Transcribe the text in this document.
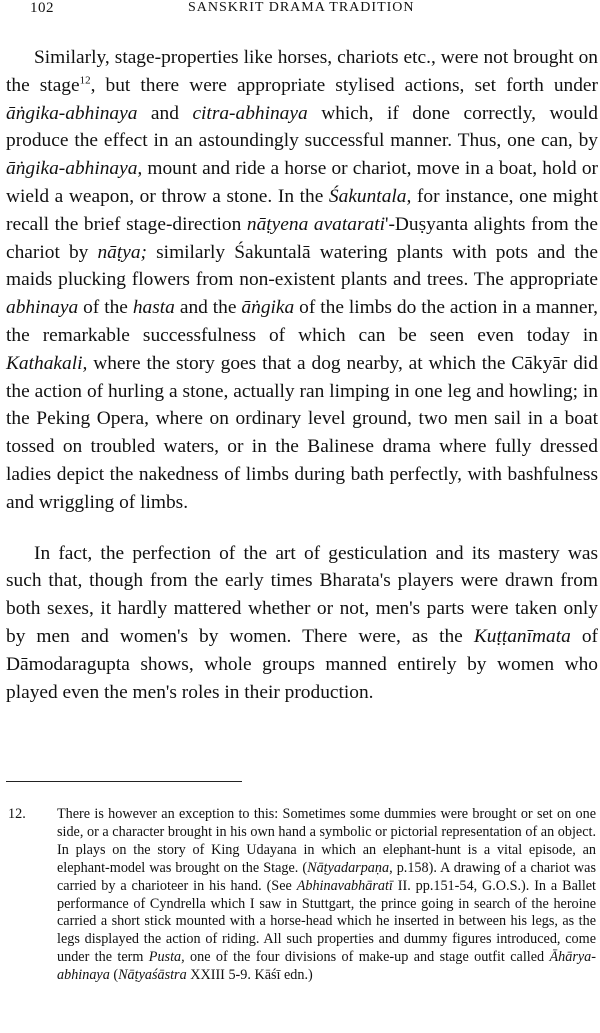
102	SANSKRIT DRAMA TRADITION

Similarly, stage-properties like horses, chariots etc., were not brought on the stage$^{12}$, but there were appropriate stylised actions, set forth under āṅgika-abhinaya and citra-abhinaya which, if done correctly, would produce the effect in an astoundingly successful manner. Thus, one can, by āṅgika-abhinaya, mount and ride a horse or chariot, move in a boat, hold or wield a weapon, or throw a stone. In the Śakuntala, for instance, one might recall the brief stage-direction nāṭyena avatarati'-Duṣyanta alights from the chariot by nāṭya; similarly Śakuntalā watering plants with pots and the maids plucking flowers from non-existent plants and trees. The appropriate abhinaya of the hasta and the āṅgika of the limbs do the action in a manner, the remarkable successfulness of which can be seen even today in Kathakali, where the story goes that a dog nearby, at which the Cākyār did the action of hurling a stone, actually ran limping in one leg and howling; in the Peking Opera, where on ordinary level ground, two men sail in a boat tossed on troubled waters, or in the Balinese drama where fully dressed ladies depict the nakedness of limbs during bath perfectly, with bashfulness and wriggling of limbs.

In fact, the perfection of the art of gesticulation and its mastery was such that, though from the early times Bharata's players were drawn from both sexes, it hardly mattered whether or not, men's parts were taken only by men and women's by women. There were, as the Kuṭṭanīmata of Dāmodaragupta shows, whole groups manned entirely by women who played even the men's roles in their production.

12. There is however an exception to this: Sometimes some dummies were brought or set on one side, or a character brought in his own hand a symbolic or pictorial representation of an object. In plays on the story of King Udayana in which an elephant-hunt is a vital episode, an elephant-model was brought on the Stage. (Nāṭyadarpaṇa, p.158). A drawing of a chariot was carried by a charioteer in his hand. (See Abhinavabhāratī II. pp.151-54, G.O.S.). In a Ballet performance of Cyndrella which I saw in Stuttgart, the prince going in search of the heroine carried a short stick mounted with a horse-head which he inserted in between his legs, as the legs displayed the action of riding. All such properties and dummy figures introduced, come under the term Pusta, one of the four divisions of make-up and stage outfit called Āhārya-abhinaya (Nāṭyaśāstra XXIII 5-9. Kāśī edn.)
